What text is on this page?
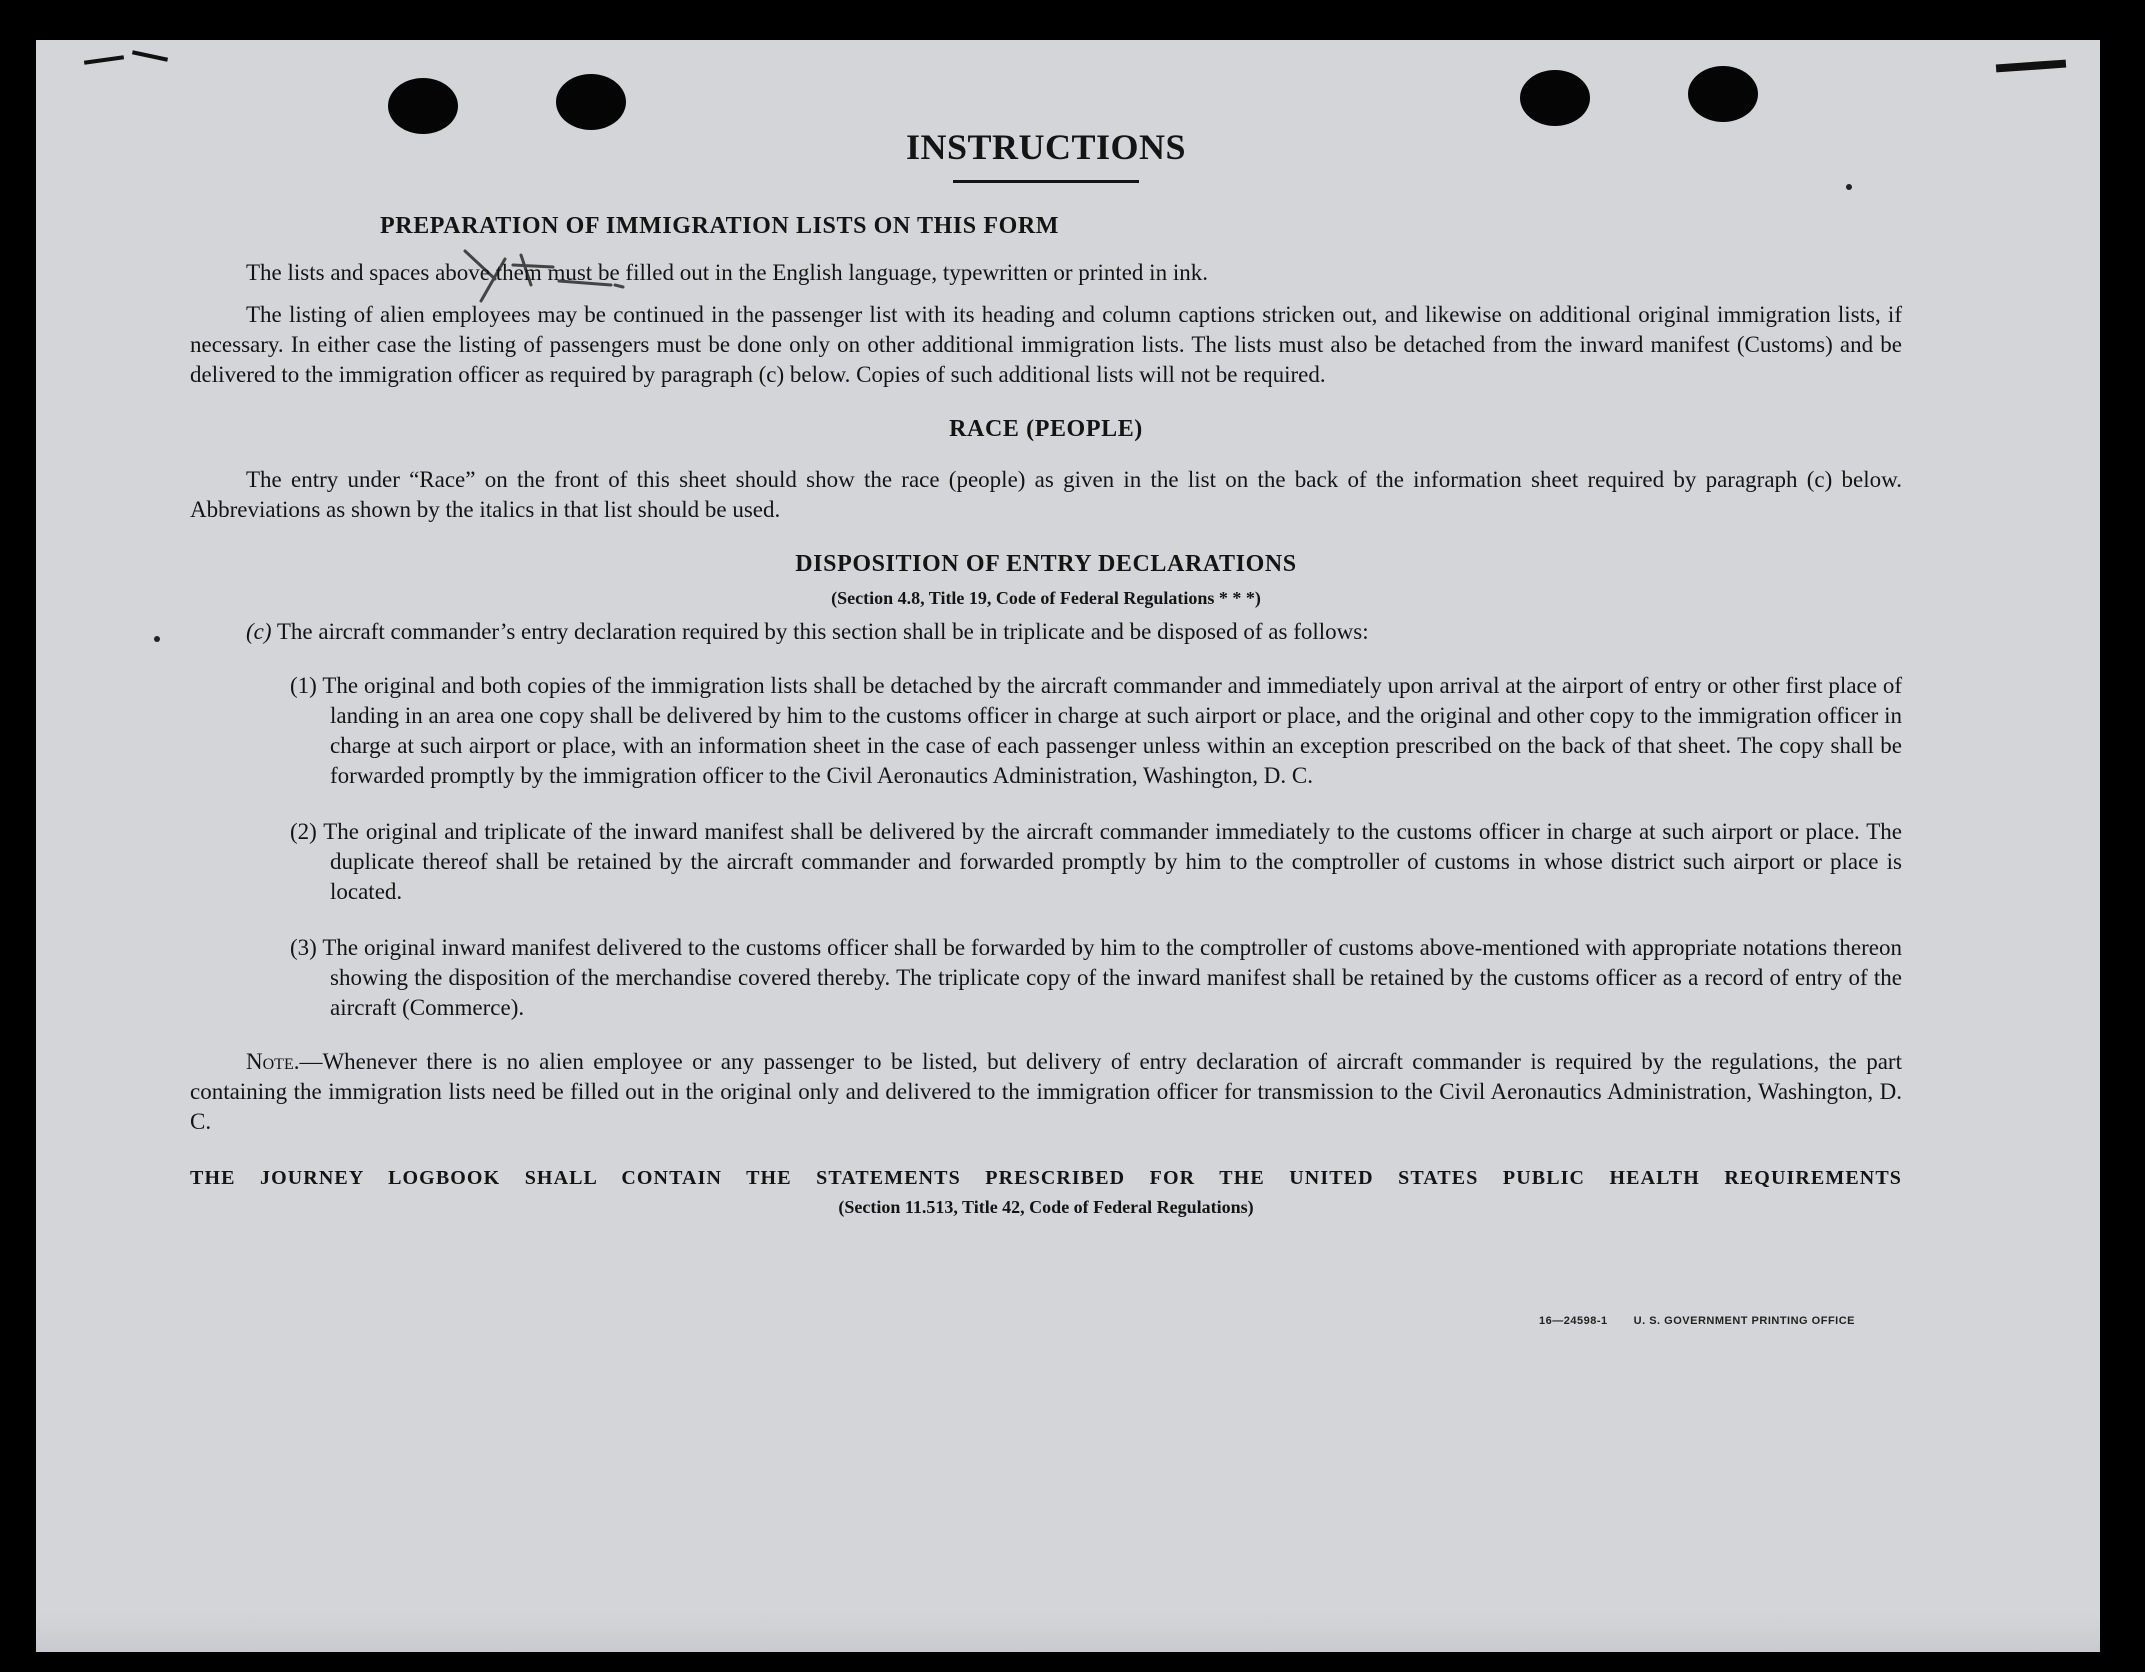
INSTRUCTIONS
PREPARATION OF IMMIGRATION LISTS ON THIS FORM

The lists and spaces above them must be filled out in the English language, typewritten or printed in ink.

The listing of alien employees may be continued in the passenger list with its heading and column captions stricken out, and likewise on additional original immigration lists, if necessary. In either case the listing of passengers must be done only on other additional immigration lists. The lists must also be detached from the inward manifest (Customs) and be delivered to the immigration officer as required by paragraph (c) below. Copies of such additional lists will not be required.

RACE (PEOPLE)

The entry under “Race” on the front of this sheet should show the race (people) as given in the list on the back of the information sheet required by paragraph (c) below. Abbreviations as shown by the italics in that list should be used.

DISPOSITION OF ENTRY DECLARATIONS
(Section 4.8, Title 19, Code of Federal Regulations * * *)

(c) The aircraft commander’s entry declaration required by this section shall be in triplicate and be disposed of as follows:

(1) The original and both copies of the immigration lists shall be detached by the aircraft commander and immediately upon arrival at the airport of entry or other first place of landing in an area one copy shall be delivered by him to the customs officer in charge at such airport or place, and the original and other copy to the immigration officer in charge at such airport or place, with an information sheet in the case of each passenger unless within an exception prescribed on the back of that sheet. The copy shall be forwarded promptly by the immigration officer to the Civil Aeronautics Administration, Washington, D. C.

(2) The original and triplicate of the inward manifest shall be delivered by the aircraft commander immediately to the customs officer in charge at such airport or place. The duplicate thereof shall be retained by the aircraft commander and forwarded promptly by him to the comptroller of customs in whose district such airport or place is located.

(3) The original inward manifest delivered to the customs officer shall be forwarded by him to the comptroller of customs above-mentioned with appropriate notations thereon showing the disposition of the merchandise covered thereby. The triplicate copy of the inward manifest shall be retained by the customs officer as a record of entry of the aircraft (Commerce).

Note.—Whenever there is no alien employee or any passenger to be listed, but delivery of entry declaration of aircraft commander is required by the regulations, the part containing the immigration lists need be filled out in the original only and delivered to the immigration officer for transmission to the Civil Aeronautics Administration, Washington, D. C.

THE JOURNEY LOGBOOK SHALL CONTAIN THE STATEMENTS PRESCRIBED FOR THE UNITED STATES PUBLIC HEALTH REQUIREMENTS

(Section 11.513, Title 42, Code of Federal Regulations)
16—24598-1 U. S. GOVERNMENT PRINTING OFFICE
